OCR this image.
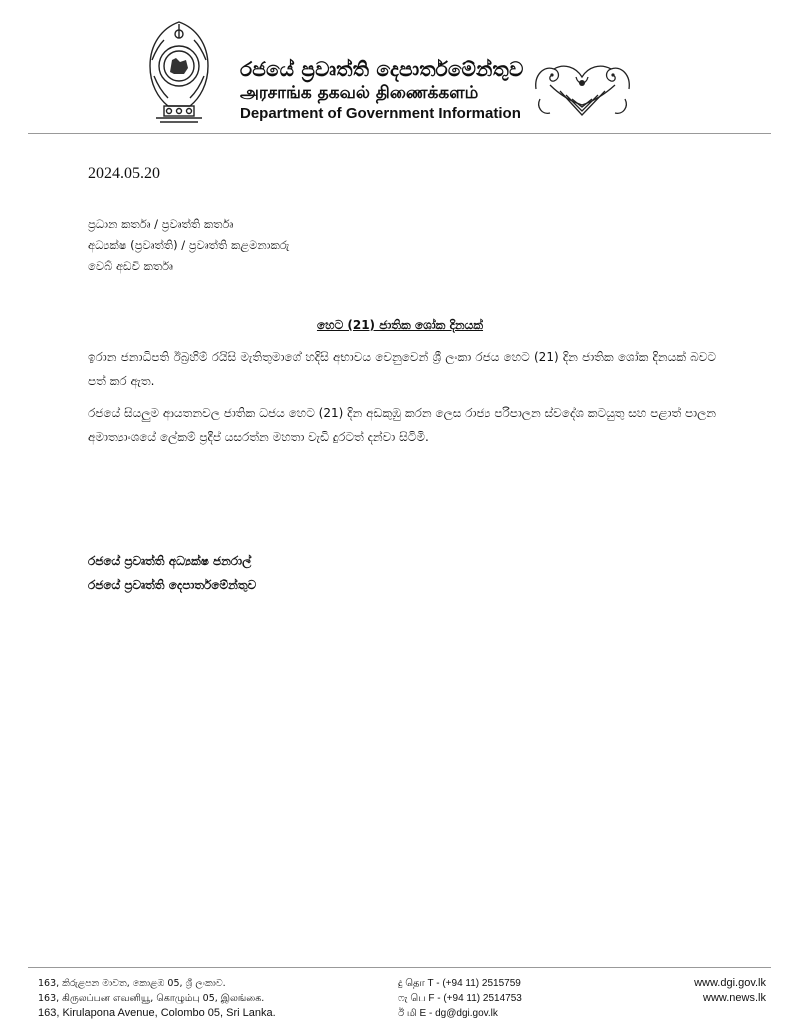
රජයේ ප්‍රවෘත්ති දෙපාර්තමේන්තුව
அரசாங்க தகவல் திணைக்களம்
Department of Government Information
2024.05.20
ප්‍රධාන කර්තෘ / ප්‍රවෘත්ති කර්තෘ
අධ්‍යක්ෂ (ප්‍රවෘත්ති) / ප්‍රවෘත්ති කළමනාකරු
වෙබ් අඩවි කර්තෘ
හෙට (21) ජාතික ශෝක දිනයක්
ඉරාන ජනාධිපති ඊබ්‍රහිම් රයිසි මැතිතුමාගේ හදිසි අභාවය වෙනුවෙන් ශ්‍රී ලංකා රජය හෙට (21) දින ජාතික ශෝක දිනයක් බවට පත් කර ඇත.
රජයේ සියලුම ආයතනවල ජාතික ධජය හෙට (21) දින අඩකුඹු කරන ලෙස රාජ්‍ය පරිපාලන ස්වදේශ කටයුතු සහ පළාත් පාලන අමාත්‍යාංශයේ ලේකම් ප්‍රදීප් යසරත්න මහතා වැඩි දුරටත් දන්වා සිටිමි.
රජයේ ප්‍රවෘත්ති අධ්‍යක්ෂ ජනරාල්
රජයේ ප්‍රවෘත්ති දෙපාර්තමේන්තුව
163, කිරුළපන මාවත, කොළඹ 05, ශ්‍රී ලංකාව.
163, கிருலப்பன எவனியூ, கொழும்பு 05, இலங்கை.
163, Kirulapona Avenue, Colombo 05, Sri Lanka.
දු தொ T - (+94 11) 2515759
ෆැ பெ F - (+94 11) 2514753
ඊ மி E - dg@dgi.gov.lk
www.dgi.gov.lk
www.news.lk
